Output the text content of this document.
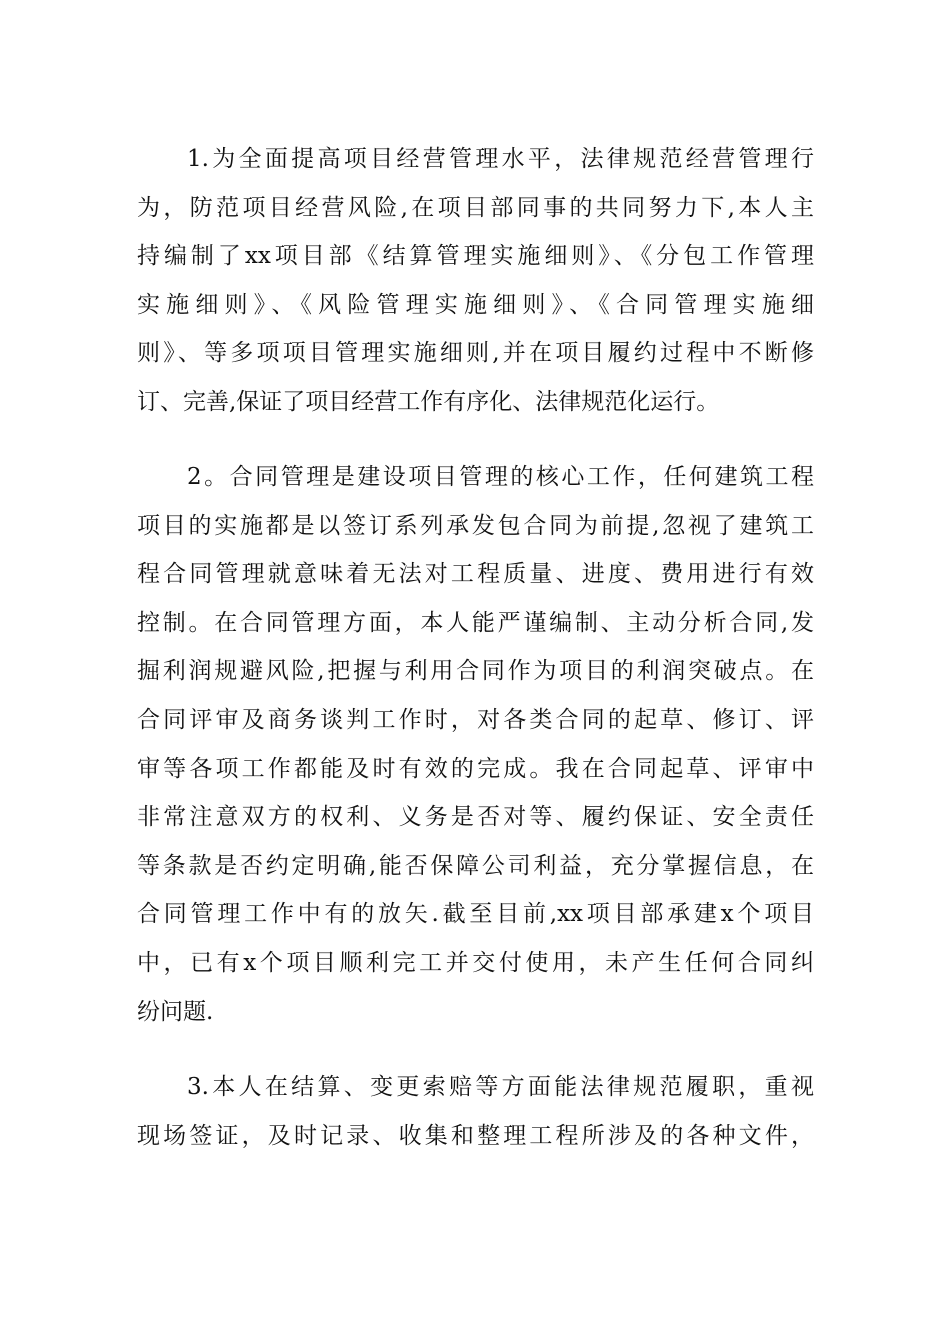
1.为全面提高项目经营管理水平，法律规范经营管理行
为，防范项目经营风险,在项目部同事的共同努力下,本人主
持编制了xx项目部《结算管理实施细则》、《分包工作管理
实施细则》、《风险管理实施细则》、《合同管理实施细
则》、等多项项目管理实施细则,并在项目履约过程中不断修
订、完善,保证了项目经营工作有序化、法律规范化运行。
2。合同管理是建设项目管理的核心工作，任何建筑工程
项目的实施都是以签订系列承发包合同为前提,忽视了建筑工
程合同管理就意味着无法对工程质量、进度、费用进行有效
控制。在合同管理方面，本人能严谨编制、主动分析合同,发
掘利润规避风险,把握与利用合同作为项目的利润突破点。在
合同评审及商务谈判工作时，对各类合同的起草、修订、评
审等各项工作都能及时有效的完成。我在合同起草、评审中
非常注意双方的权利、义务是否对等、履约保证、安全责任
等条款是否约定明确,能否保障公司利益，充分掌握信息，在
合同管理工作中有的放矢.截至目前,xx项目部承建x个项目
中，已有x个项目顺利完工并交付使用，未产生任何合同纠
纷问题.
3.本人在结算、变更索赔等方面能法律规范履职，重视
现场签证，及时记录、收集和整理工程所涉及的各种文件，
